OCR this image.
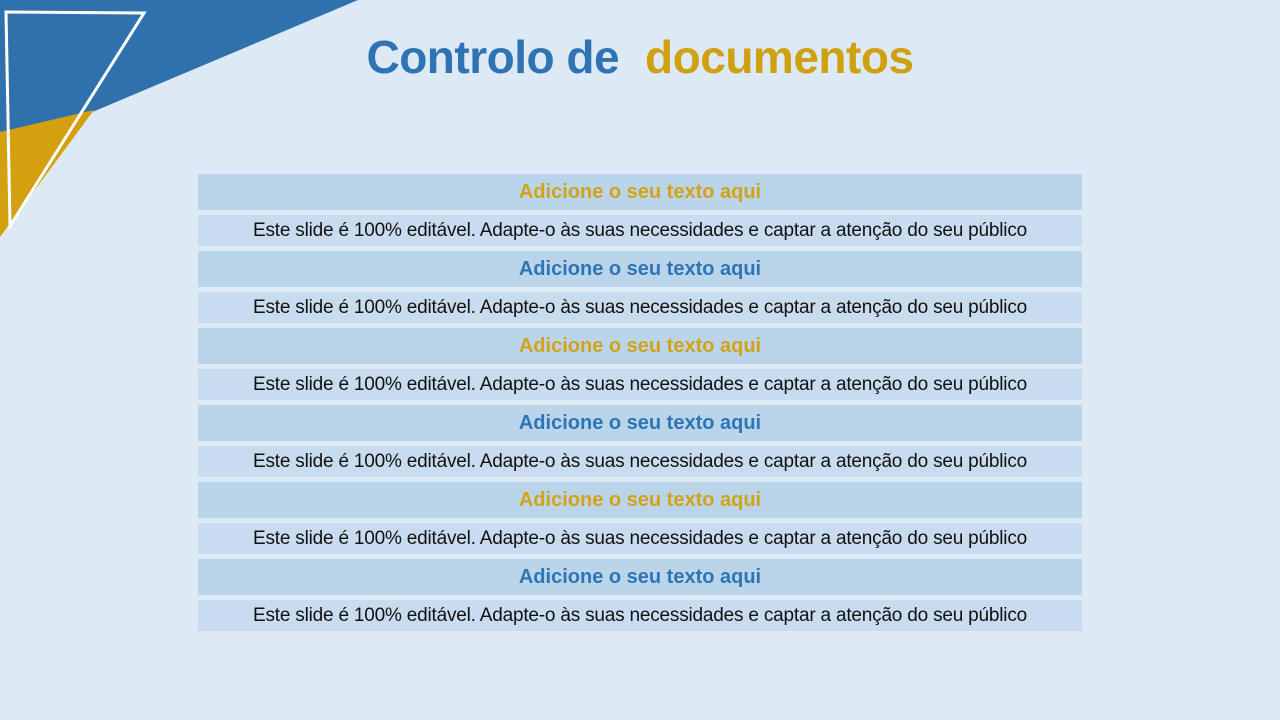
Controlo de documentos
Adicione o seu texto aqui
Este slide é 100% editável. Adapte-o às suas necessidades e captar a atenção do seu público
Adicione o seu texto aqui
Este slide é 100% editável. Adapte-o às suas necessidades e captar a atenção do seu público
Adicione o seu texto aqui
Este slide é 100% editável. Adapte-o às suas necessidades e captar a atenção do seu público
Adicione o seu texto aqui
Este slide é 100% editável. Adapte-o às suas necessidades e captar a atenção do seu público
Adicione o seu texto aqui
Este slide é 100% editável. Adapte-o às suas necessidades e captar a atenção do seu público
Adicione o seu texto aqui
Este slide é 100% editável. Adapte-o às suas necessidades e captar a atenção do seu público
